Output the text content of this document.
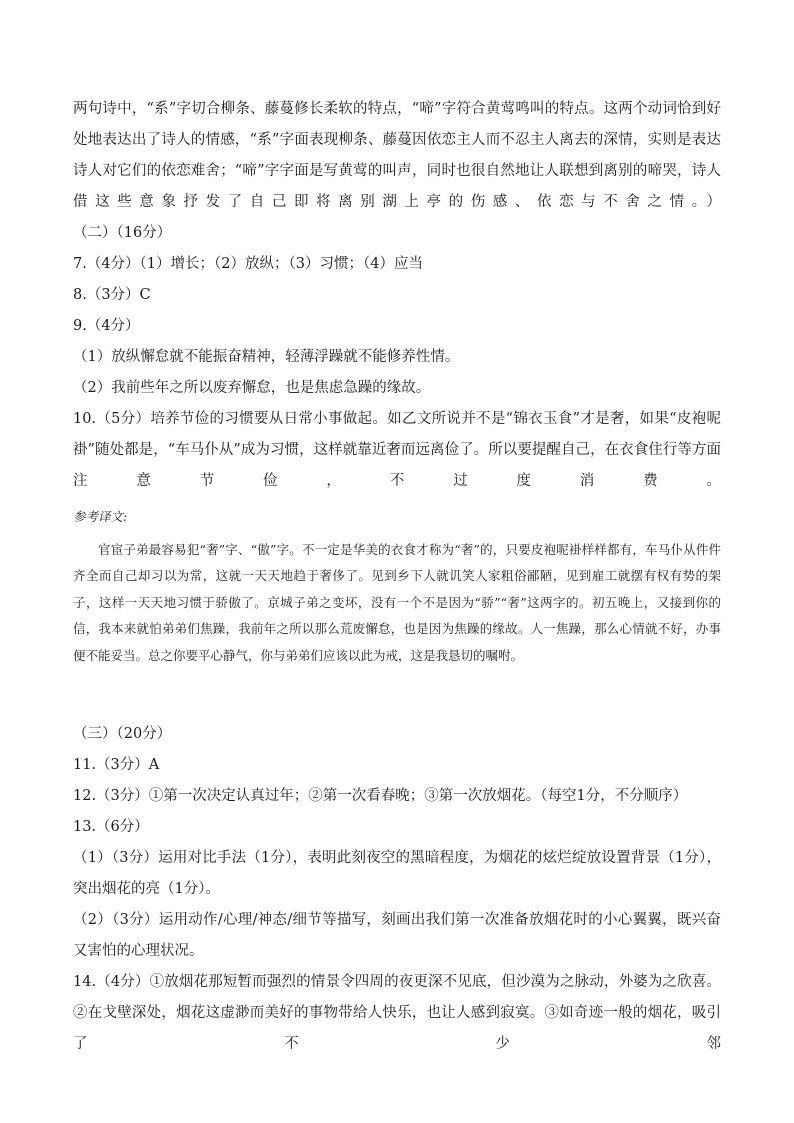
两句诗中，“系”字切合柳条、藤蔓修长柔软的特点，“啼”字符合黄莺鸣叫的特点。这两个动词恰到好处地表达出了诗人的情感，“系”字面表现柳条、藤蔓因依恋主人而不忍主人离去的深情，实则是表达诗人对它们的依恋难舍；“啼”字字面是写黄莺的叫声，同时也很自然地让人联想到离别的啼哭，诗人借这些意象抒发了自己即将离别湖上亭的伤感、依恋与不舍之情。）

（二）（16分）

7.（4分）（1）增长；（2）放纵；（3）习惯；（4）应当

8.（3分）C

9.（4分）

（1）放纵懈怠就不能振奋精神，轻薄浮躁就不能修养性情。

（2）我前些年之所以废弃懈怠，也是焦虑急躁的缘故。

10.（5分）培养节俭的习惯要从日常小事做起。如乙文所说并不是“锦衣玉食”才是奢，如果“皮袍呢褂”随处都是，“车马仆从”成为习惯，这样就靠近奢而远离俭了。所以要提醒自己，在衣食住行等方面注意节俭，不过度消费。

参考译文:

官宦子弟最容易犯“奢”字、“傲”字。不一定是华美的衣食才称为“奢”的，只要皮袍呢褂样样都有，车马仆从件件齐全而自己却习以为常，这就一天天地趋于奢侈了。见到乡下人就讥笑人家粗俗鄙陋，见到雇工就摆有权有势的架子，这样一天天地习惯于骄傲了。京城子弟之变坏，没有一个不是因为“骄”“奢”这两字的。初五晚上，又接到你的信，我本来就怕弟弟们焦躁，我前年之所以那么荒废懈怠，也是因为焦躁的缘故。人一焦躁，那么心情就不好，办事便不能妥当。总之你要平心静气，你与弟弟们应该以此为戒，这是我恳切的嘱咐。

（三）（20分）

11.（3分）A

12.（3分）①第一次决定认真过年；②第一次看春晚；③第一次放烟花。（每空1分，不分顺序）

13.（6分）

（1）（3分）运用对比手法（1分），表明此刻夜空的黑暗程度，为烟花的炫烂绽放设置背景（1分），突出烟花的亮（1分）。

（2）（3分）运用动作/心理/神态/细节等描写，刻画出我们第一次准备放烟花时的小心翼翼，既兴奋又害怕的心理状况。

14.（4分）①放烟花那短暂而强烈的情景令四周的夜更深不见底，但沙漠为之脉动，外婆为之欣喜。②在戈壁深处，烟花这虚渺而美好的事物带给人快乐，也让人感到寂寞。③如奇迹一般的烟花，吸引了不少邻
